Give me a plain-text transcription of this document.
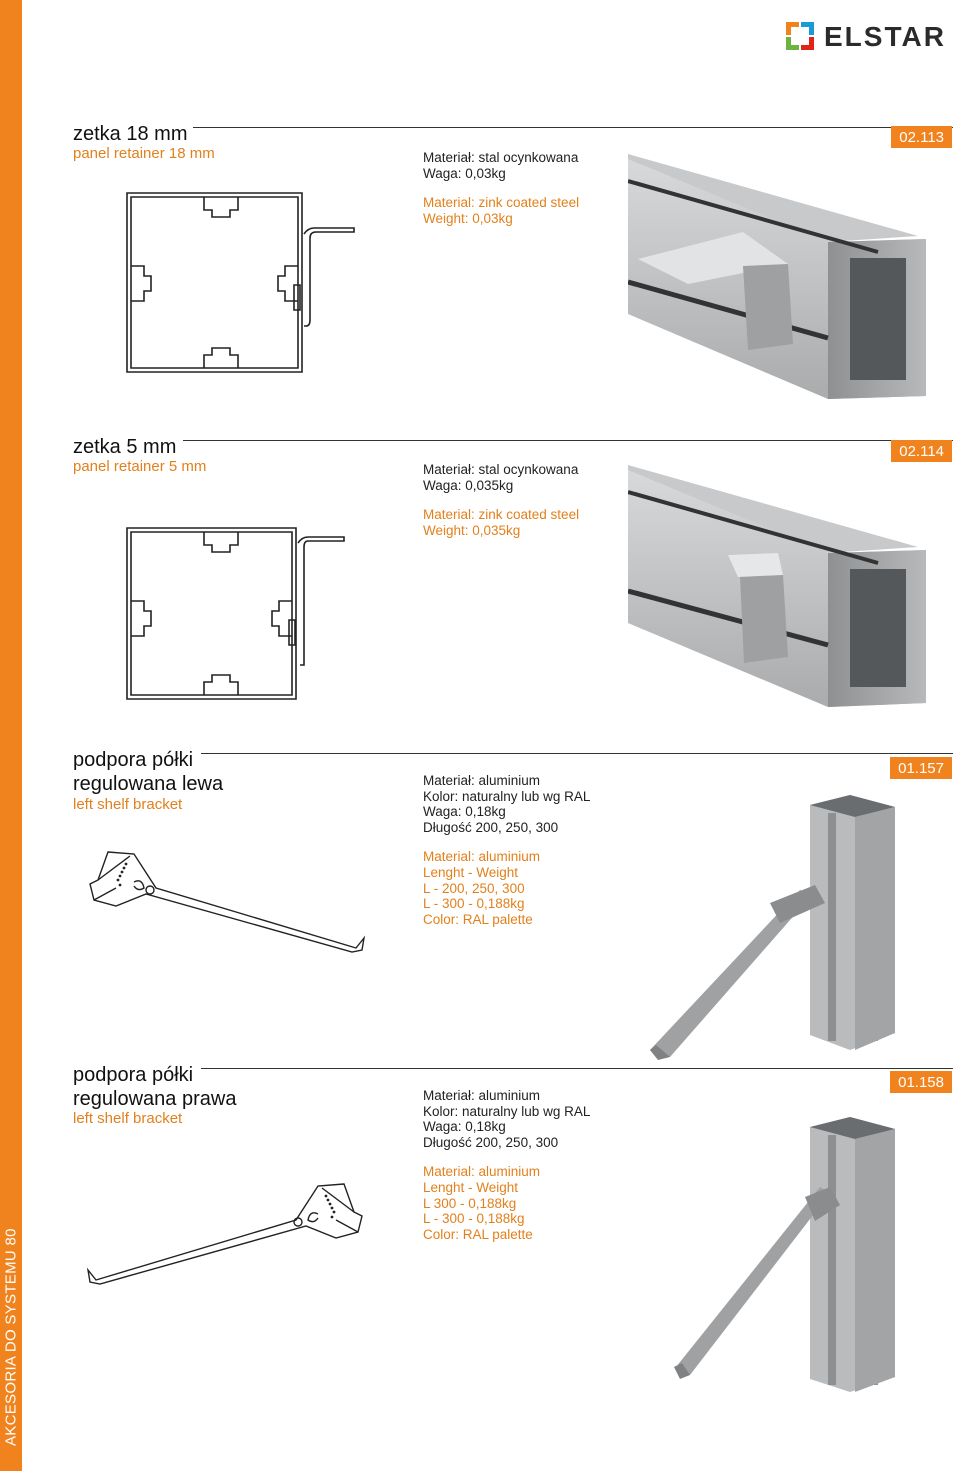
AKCESORIA DO SYSTEMU 80
ELSTAR
zetka 18 mm
panel retainer 18 mm
02.113
Materiał: stal ocynkowana
Waga: 0,03kg
Material: zink coated steel
Weight: 0,03kg
zetka 5 mm
panel retainer 5 mm
02.114
Materiał: stal ocynkowana
Waga: 0,035kg
Material: zink coated steel
Weight: 0,035kg
podpora półki
regulowana lewa
left shelf bracket
01.157
Materiał: aluminium
Kolor: naturalny lub wg RAL
Waga: 0,18kg
Długość 200, 250, 300
Material: aluminium
Lenght - Weight
L - 200, 250, 300
L - 300 - 0,188kg
Color: RAL palette
podpora półki
regulowana prawa
left shelf bracket
01.158
Materiał: aluminium
Kolor: naturalny lub wg RAL
Waga: 0,18kg
Długość 200, 250, 300
Material: aluminium
Lenght - Weight
L 300 - 0,188kg
L - 300 - 0,188kg
Color: RAL palette
